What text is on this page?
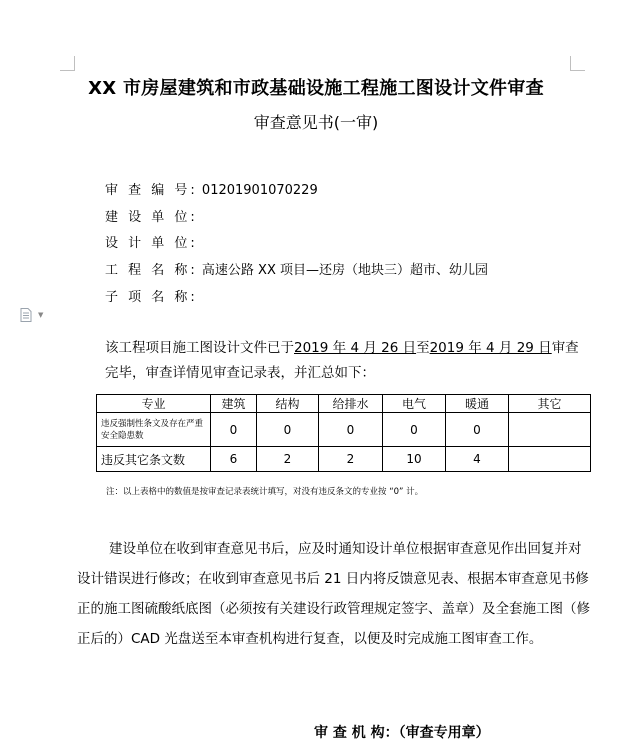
▼
XX 市房屋建筑和市政基础设施工程施工图设计文件审查
审查意见书(一审)
审 查 编 号: 01201901070229
建 设 单 位:
设 计 单 位:
工 程 名 称: 高速公路 XX 项目—还房（地块三）超市、幼儿园
子 项 名 称:
该工程项目施工图设计文件已于2019 年 4 月 26 日至2019 年 4 月 29 日审查完毕，审查详情见审查记录表，并汇总如下：
专业	建筑	结构	给排水	电气	暖通	其它
违反强制性条文及存在严重安全隐患数	0	0	0	0	0	
违反其它条文数	6	2	2	10	4	
注：以上表格中的数值是按审查记录表统计填写，对没有违反条文的专业按 “0” 计。
建设单位在收到审查意见书后，应及时通知设计单位根据审查意见作出回复并对设计错误进行修改；在收到审查意见书后 21 日内将反馈意见表、根据本审查意见书修正的施工图硫酸纸底图（必须按有关建设行政管理规定签字、盖章）及全套施工图（修正后的）CAD 光盘送至本审查机构进行复查，以便及时完成施工图审查工作。
审 查 机 构：（审查专用章）
